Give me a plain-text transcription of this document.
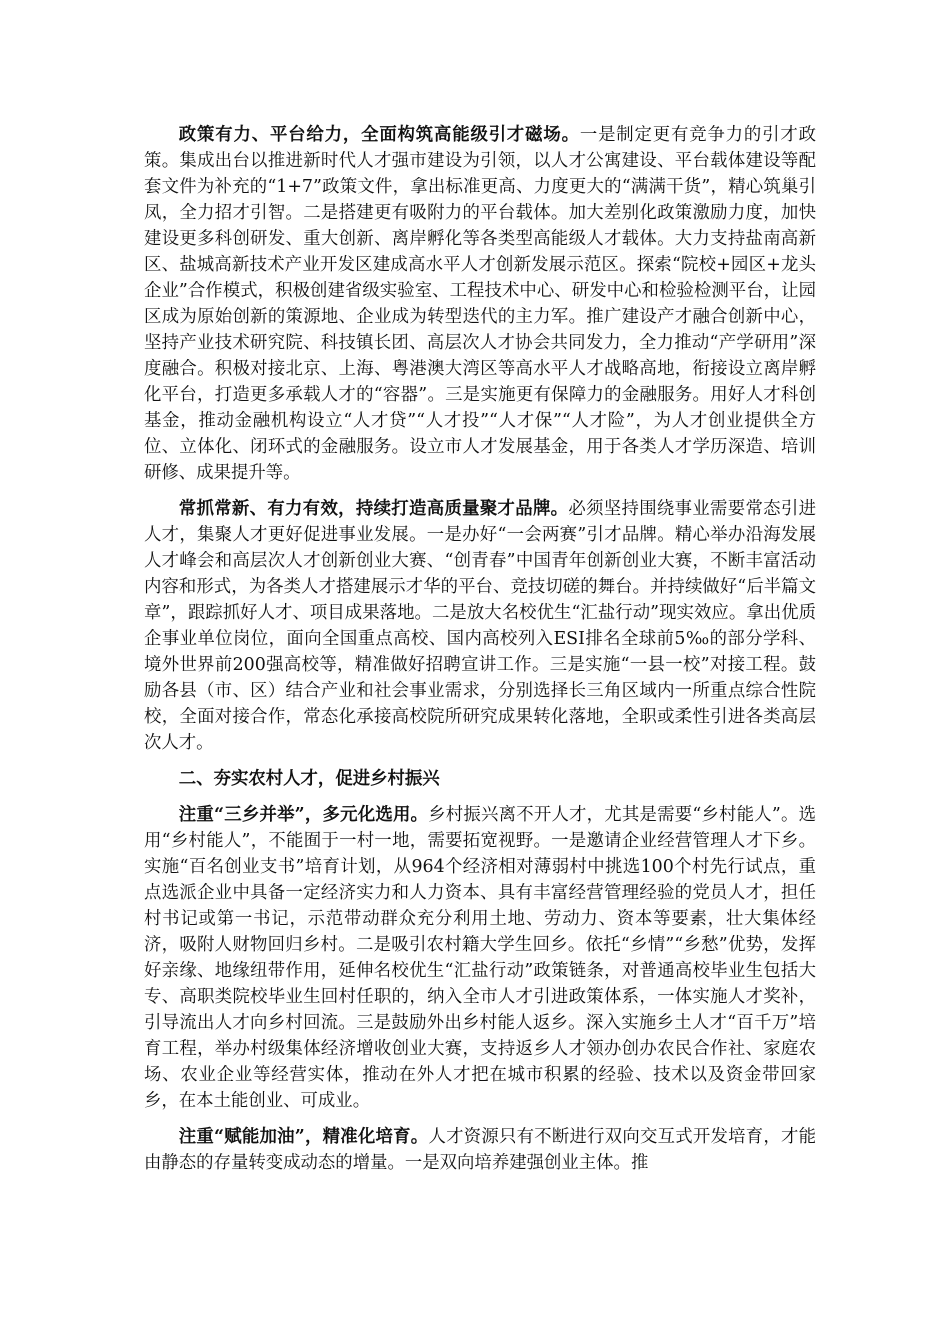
政策有力、平台给力，全面构筑高能级引才磁场。一是制定更有竞争力的引才政策。集成出台以推进新时代人才强市建设为引领，以人才公寓建设、平台载体建设等配套文件为补充的“1+7”政策文件，拿出标准更高、力度更大的“满满干货”，精心筑巢引凤，全力招才引智。二是搭建更有吸附力的平台载体。加大差别化政策激励力度，加快建设更多科创研发、重大创新、离岸孵化等各类型高能级人才载体。大力支持盐南高新区、盐城高新技术产业开发区建成高水平人才创新发展示范区。探索“院校+园区+龙头企业”合作模式，积极创建省级实验室、工程技术中心、研发中心和检验检测平台，让园区成为原始创新的策源地、企业成为转型迭代的主力军。推广建设产才融合创新中心，坚持产业技术研究院、科技镇长团、高层次人才协会共同发力，全力推动“产学研用”深度融合。积极对接北京、上海、粤港澳大湾区等高水平人才战略高地，衔接设立离岸孵化平台，打造更多承载人才的“容器”。三是实施更有保障力的金融服务。用好人才科创基金，推动金融机构设立“人才贷”“人才投”“人才保”“人才险”，为人才创业提供全方位、立体化、闭环式的金融服务。设立市人才发展基金，用于各类人才学历深造、培训研修、成果提升等。

常抓常新、有力有效，持续打造高质量聚才品牌。必须坚持围绕事业需要常态引进人才，集聚人才更好促进事业发展。一是办好“一会两赛”引才品牌。精心举办沿海发展人才峰会和高层次人才创新创业大赛、“创青春”中国青年创新创业大赛，不断丰富活动内容和形式，为各类人才搭建展示才华的平台、竞技切磋的舞台。并持续做好“后半篇文章”，跟踪抓好人才、项目成果落地。二是放大名校优生“汇盐行动”现实效应。拿出优质企事业单位岗位，面向全国重点高校、国内高校列入ESI排名全球前5‰的部分学科、境外世界前200强高校等，精准做好招聘宣讲工作。三是实施“一县一校”对接工程。鼓励各县（市、区）结合产业和社会事业需求，分别选择长三角区域内一所重点综合性院校，全面对接合作，常态化承接高校院所研究成果转化落地，全职或柔性引进各类高层次人才。

二、夯实农村人才，促进乡村振兴

注重“三乡并举”，多元化选用。乡村振兴离不开人才，尤其是需要“乡村能人”。选用“乡村能人”，不能囿于一村一地，需要拓宽视野。一是邀请企业经营管理人才下乡。实施“百名创业支书”培育计划，从964个经济相对薄弱村中挑选100个村先行试点，重点选派企业中具备一定经济实力和人力资本、具有丰富经营管理经验的党员人才，担任村书记或第一书记，示范带动群众充分利用土地、劳动力、资本等要素，壮大集体经济，吸附人财物回归乡村。二是吸引农村籍大学生回乡。依托“乡情”“乡愁”优势，发挥好亲缘、地缘纽带作用，延伸名校优生“汇盐行动”政策链条，对普通高校毕业生包括大专、高职类院校毕业生回村任职的，纳入全市人才引进政策体系，一体实施人才奖补，引导流出人才向乡村回流。三是鼓励外出乡村能人返乡。深入实施乡土人才“百千万”培育工程，举办村级集体经济增收创业大赛，支持返乡人才领办创办农民合作社、家庭农场、农业企业等经营实体，推动在外人才把在城市积累的经验、技术以及资金带回家乡，在本土能创业、可成业。

注重“赋能加油”，精准化培育。人才资源只有不断进行双向交互式开发培育，才能由静态的存量转变成动态的增量。一是双向培养建强创业主体。推
